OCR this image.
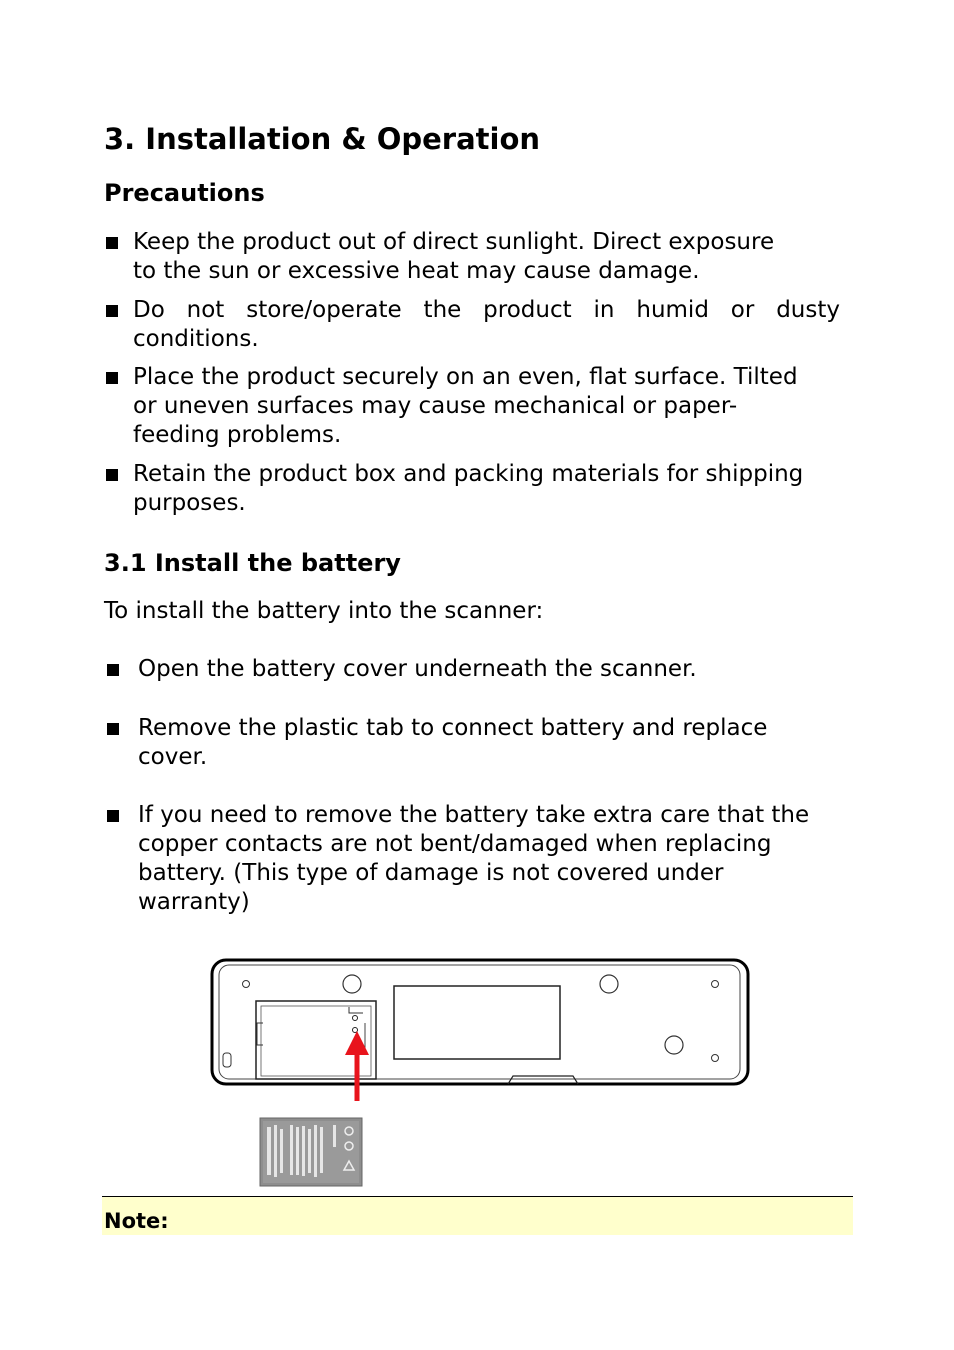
3. Installation & Operation
Precautions
Keep the product out of direct sunlight. Direct exposure
to the sun or excessive heat may cause damage.
Do not store/operate the product in humid or dusty
conditions.
Place the product securely on an even, flat surface. Tilted
or uneven surfaces may cause mechanical or paper-
feeding problems.
Retain the product box and packing materials for shipping
purposes.
3.1 Install the battery
To install the battery into the scanner:
Open the battery cover underneath the scanner.
Remove the plastic tab to connect battery and replace
cover.
If you need to remove the battery take extra care that the
copper contacts are not bent/damaged when replacing
battery. (This type of damage is not covered under
warranty)
Note:
